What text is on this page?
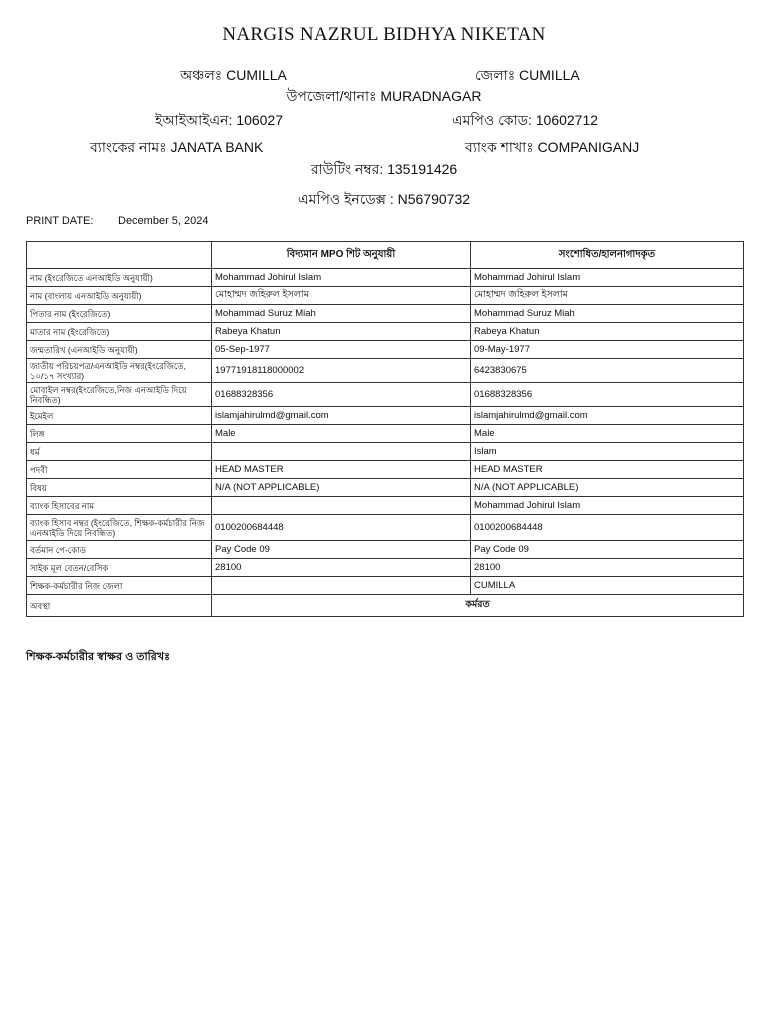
NARGIS NAZRUL BIDHYA NIKETAN
অঞ্চলঃ CUMILLA	জেলাঃ CUMILLA
উপজেলা/থানাঃ MURADNAGAR
ইআইআইএন: 106027	এমপিও কোড: 10602712
ব্যাংকের নামঃ JANATA BANK	ব্যাংক শাখাঃ COMPANIGANJ
রাউটিং নম্বর: 135191426
এমপিও ইনডেক্স : N56790732
PRINT DATE: December 5, 2024
	বিদ্যমান MPO শিট অনুযায়ী	সংশোধিত/হালনাগাদকৃত
নাম (ইংরেজিতে এনআইডি অনুযায়ী)	Mohammad Johirul Islam	Mohammad Johirul Islam
নাম (বাংলায় এনআইডি অনুযায়ী)	মোহাম্মদ জহিরুল ইসলাম	মোহাম্মদ জহিরুল ইসলাম
পিতার নাম (ইংরেজিতে)	Mohammad Suruz Miah	Mohammad Suruz Miah
মাতার নাম (ইংরেজিতে)	Rabeya Khatun	Rabeya Khatun
জন্মতারিখ (এনআইডি অনুযায়ী)	05-Sep-1977	09-May-1977
জাতীয় পরিচয়পত্র/এনআইডি নম্বর(ইংরেজিতে, ১০/১৭ সংখ্যার)	19771918118000002	6423830675
মোবাইল নম্বর(ইংরেজিতে,নিজ এনআইডি দিয়ে নিবন্ধিত)	01688328356	01688328356
ইমেইল	islamjahirulmd@gmail.com	islamjahirulmd@gmail.com
লিঙ্গ	Male	Male
ধর্ম		Islam
পদবী	HEAD MASTER	HEAD MASTER
বিষয়	N/A (NOT APPLICABLE)	N/A (NOT APPLICABLE)
ব্যাংক হিসাবের নাম		Mohammad Johirul Islam
ব্যাংক হিসাব নম্বর (ইংরেজিতে, শিক্ষক-কর্মচারীর নিজ এনআইডি দিয়ে নিবন্ধিত)	0100200684448	0100200684448
বর্তমান পে-কোড	Pay Code 09	Pay Code 09
সাইক মূল বেতন/বেসিক	28100	28100
শিক্ষক-কর্মচারীর নিজ জেলা		CUMILLA
অবস্থা	কর্মরত	
শিক্ষক-কর্মচারীর স্বাক্ষর ও তারিখঃ
